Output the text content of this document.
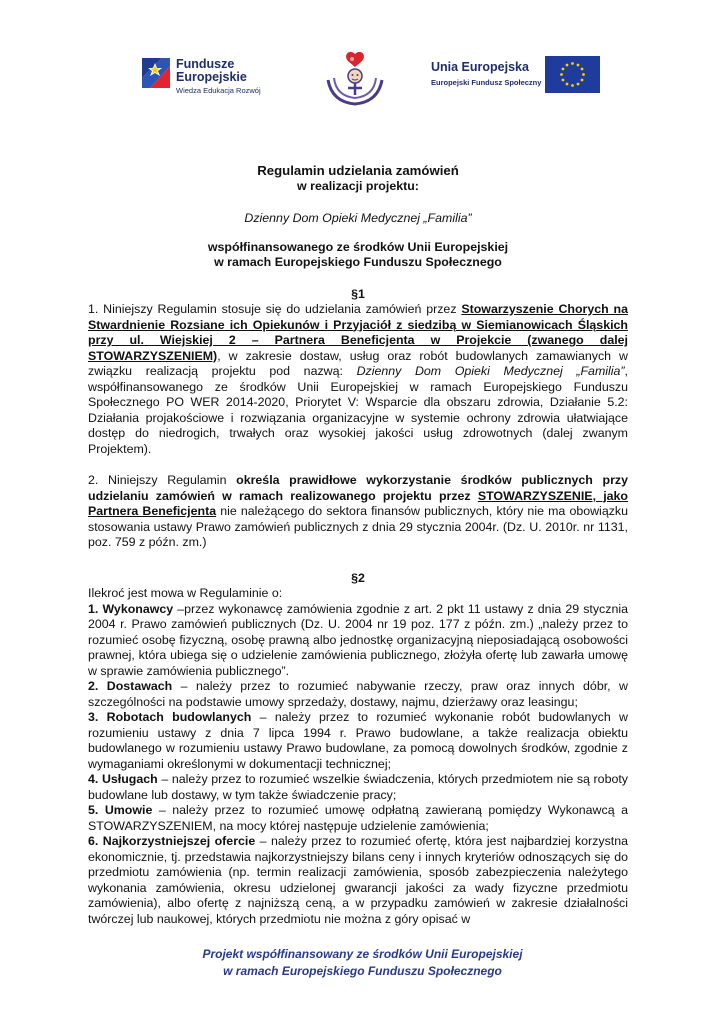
Fundusze
Europejskie
Wiedza Edukacja Rozwój
Unia Europejska
Europejski Fundusz Społeczny
Regulamin udzielania zamówień
w realizacji projektu:
Dzienny Dom Opieki Medycznej „Familia”
współfinansowanego ze środków Unii Europejskiej
w ramach Europejskiego Funduszu Społecznego
§1
1. Niniejszy Regulamin stosuje się do udzielania zamówień przez Stowarzyszenie Chorych na Stwardnienie Rozsiane ich Opiekunów i Przyjaciół z siedzibą w Siemianowicach Śląskich przy ul. Wiejskiej 2 – Partnera Beneficjenta w Projekcie (zwanego dalej STOWARZYSZENIEM), w zakresie dostaw, usług oraz robót budowlanych zamawianych w związku realizacją projektu pod nazwą: Dzienny Dom Opieki Medycznej „Familia”, współfinansowanego ze środków Unii Europejskiej w ramach Europejskiego Funduszu Społecznego PO WER 2014-2020, Priorytet V: Wsparcie dla obszaru zdrowia, Działanie 5.2: Działania projakościowe i rozwiązania organizacyjne w systemie ochrony zdrowia ułatwiające dostęp do niedrogich, trwałych oraz wysokiej jakości usług zdrowotnych (dalej zwanym Projektem).
2. Niniejszy Regulamin określa prawidłowe wykorzystanie środków publicznych przy udzielaniu zamówień w ramach realizowanego projektu przez STOWARZYSZENIE, jako Partnera Beneficjenta nie należącego do sektora finansów publicznych, który nie ma obowiązku stosowania ustawy Prawo zamówień publicznych z dnia 29 stycznia 2004r. (Dz. U. 2010r. nr 1131, poz. 759 z późn. zm.)
§2
Ilekroć jest mowa w Regulaminie o:
1. Wykonawcy –przez wykonawcę zamówienia zgodnie z art. 2 pkt 11 ustawy z dnia 29 stycznia 2004 r. Prawo zamówień publicznych (Dz. U. 2004 nr 19 poz. 177 z późn. zm.) „należy przez to rozumieć osobę fizyczną, osobę prawną albo jednostkę organizacyjną nieposiadającą osobowości prawnej, która ubiega się o udzielenie zamówienia publicznego, złożyła ofertę lub zawarła umowę w sprawie zamówienia publicznego”.
2. Dostawach – należy przez to rozumieć nabywanie rzeczy, praw oraz innych dóbr, w szczególności na podstawie umowy sprzedaży, dostawy, najmu, dzierżawy oraz leasingu;
3. Robotach budowlanych – należy przez to rozumieć wykonanie robót budowlanych w rozumieniu ustawy z dnia 7 lipca 1994 r. Prawo budowlane, a także realizacja obiektu budowlanego w rozumieniu ustawy Prawo budowlane, za pomocą dowolnych środków, zgodnie z wymaganiami określonymi w dokumentacji technicznej;
4. Usługach – należy przez to rozumieć wszelkie świadczenia, których przedmiotem nie są roboty budowlane lub dostawy, w tym także świadczenie pracy;
5. Umowie – należy przez to rozumieć umowę odpłatną zawieraną pomiędzy Wykonawcą a STOWARZYSZENIEM, na mocy której następuje udzielenie zamówienia;
6. Najkorzystniejszej ofercie – należy przez to rozumieć ofertę, która jest najbardziej korzystna ekonomicznie, tj. przedstawia najkorzystniejszy bilans ceny i innych kryteriów odnoszących się do przedmiotu zamówienia (np. termin realizacji zamówienia, sposób zabezpieczenia należytego wykonania zamówienia, okresu udzielonej gwarancji jakości za wady fizyczne przedmiotu zamówienia), albo ofertę z najniższą ceną, a w przypadku zamówień w zakresie działalności twórczej lub naukowej, których przedmiotu nie można z góry opisać w
Projekt współfinansowany ze środków Unii Europejskiej
w ramach Europejskiego Funduszu Społecznego
